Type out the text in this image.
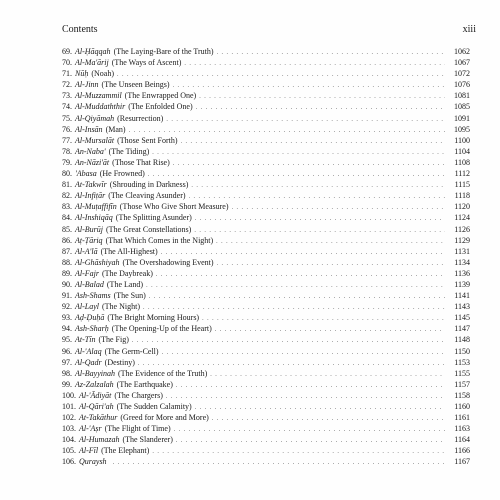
Contents	xiii
69. Al-Ḥāqqah (The Laying-Bare of the Truth) . . .	1062
70. Al-Ma'ārij (The Ways of Ascent) . . .	1067
71. Nūḥ (Noah) . . .	1072
72. Al-Jinn (The Unseen Beings) . . .	1076
73. Al-Muzzammil (The Enwrapped One) . . .	1081
74. Al-Muddaththir (The Enfolded One) . . .	1085
75. Al-Qiyāmah (Resurrection) . . .	1091
76. Al-Insān (Man) . . .	1095
77. Al-Mursalāt (Those Sent Forth) . . .	1100
78. An-Naba' (The Tiding) . . .	1104
79. An-Nāzi'āt (Those That Rise) . . .	1108
80. 'Abasa (He Frowned) . . .	1112
81. At-Takwīr (Shrouding in Darkness) . . .	1115
82. Al-Infiṭār (The Cleaving Asunder) . . .	1118
83. Al-Muṭaffifīn (Those Who Give Short Measure) . . .	1120
84. Al-Inshiqāq (The Splitting Asunder) . . .	1124
85. Al-Burūj (The Great Constellations) . . .	1126
86. Aṭ-Ṭāriq (That Which Comes in the Night) . . .	1129
87. Al-A'lā (The All-Highest) . . .	1131
88. Al-Ghāshiyah (The Overshadowing Event) . . .	1134
89. Al-Fajr (The Daybreak) . . .	1136
90. Al-Balad (The Land) . . .	1139
91. Ash-Shams (The Sun) . . .	1141
92. Al-Layl (The Night) . . .	1143
93. Aḍ-Ḍuḥā (The Bright Morning Hours) . . .	1145
94. Ash-Sharḥ (The Opening-Up of the Heart) . . .	1147
95. At-Tīn (The Fig) . . .	1148
96. Al-'Alaq (The Germ-Cell) . . .	1150
97. Al-Qadr (Destiny) . . .	1153
98. Al-Bayyinah (The Evidence of the Truth) . . .	1155
99. Az-Zalzalah (The Earthquake) . . .	1157
100. Al-'Ādiyāt (The Chargers) . . .	1158
101. Al-Qāri'ah (The Sudden Calamity) . . .	1160
102. At-Takāthur (Greed for More and More) . . .	1161
103. Al-'Aṣr (The Flight of Time) . . .	1163
104. Al-Humazah (The Slanderer) . . .	1164
105. Al-Fīl (The Elephant) . . .	1166
106. Quraysh . . .	1167
